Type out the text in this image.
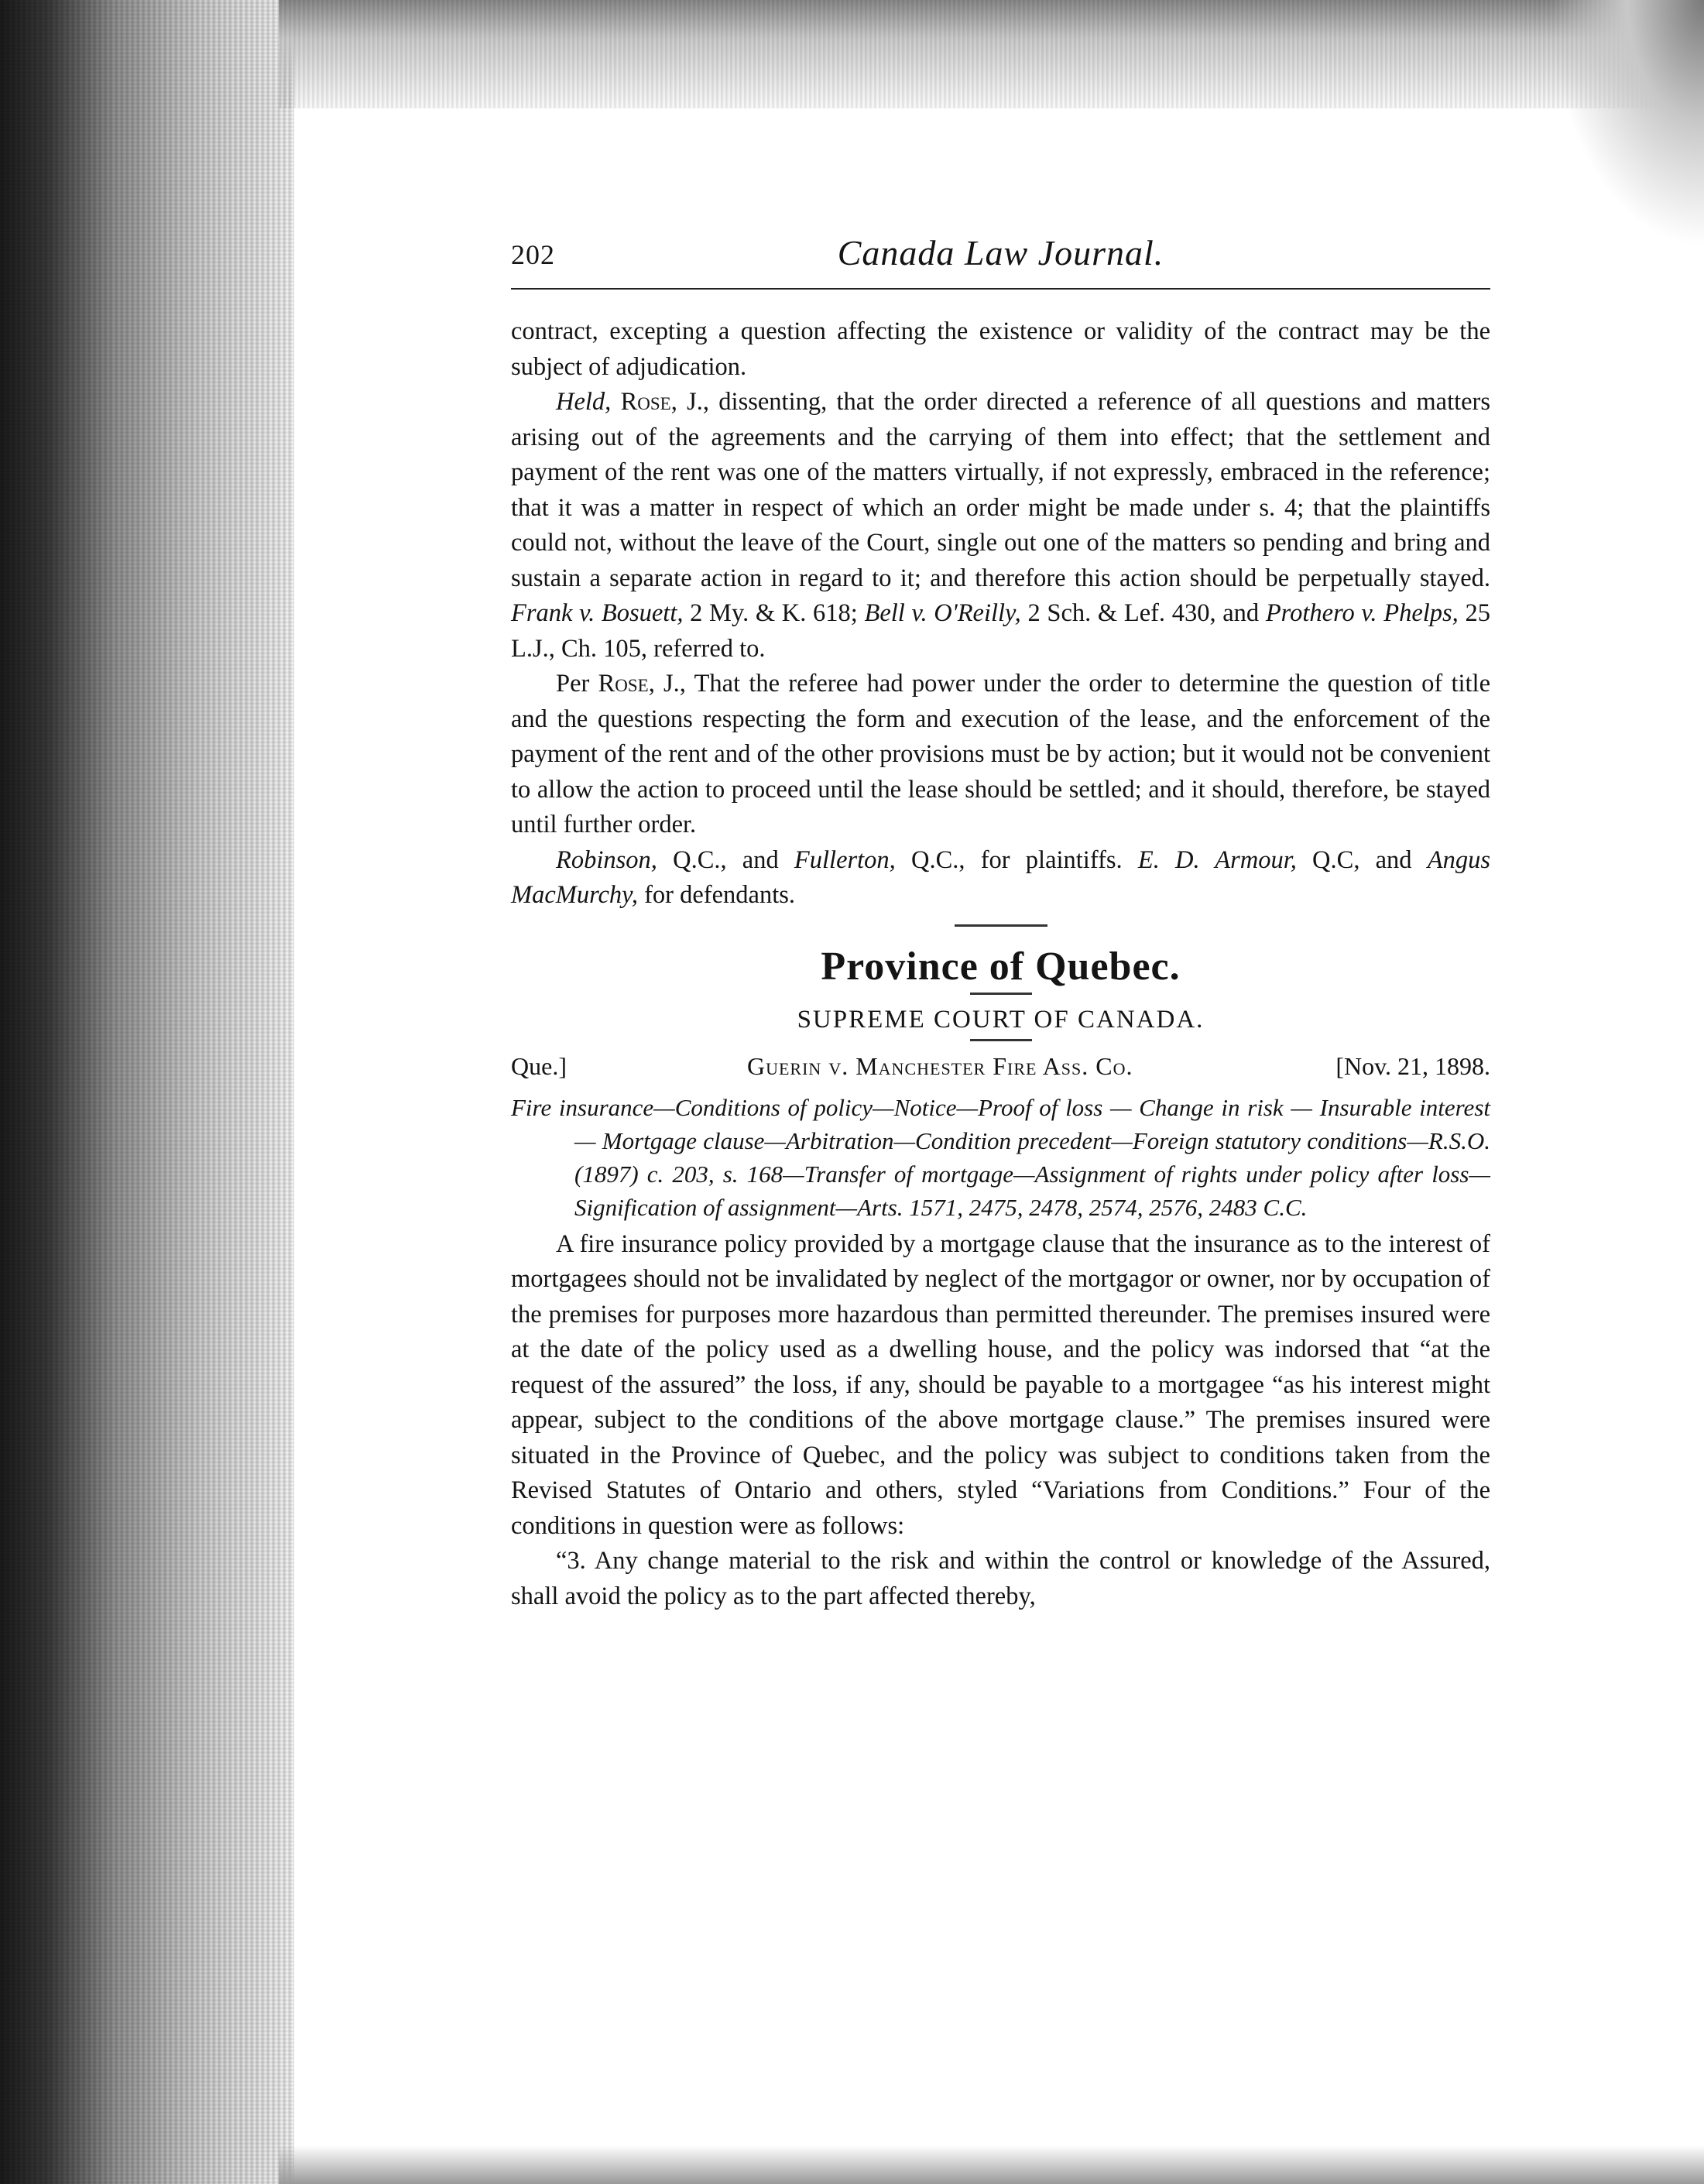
202	Canada Law Journal.

contract, excepting a question affecting the existence or validity of the contract may be the subject of adjudication.

Held, Rose, J., dissenting, that the order directed a reference of all questions and matters arising out of the agreements and the carrying of them into effect; that the settlement and payment of the rent was one of the matters virtually, if not expressly, embraced in the reference; that it was a matter in respect of which an order might be made under s. 4; that the plaintiffs could not, without the leave of the Court, single out one of the matters so pending and bring and sustain a separate action in regard to it; and therefore this action should be perpetually stayed. Frank v. Bosuett, 2 My. & K. 618; Bell v. O'Reilly, 2 Sch. & Lef. 430, and Prothero v. Phelps, 25 L.J., Ch. 105, referred to.

Per Rose, J., That the referee had power under the order to determine the question of title and the questions respecting the form and execution of the lease, and the enforcement of the payment of the rent and of the other provisions must be by action; but it would not be convenient to allow the action to proceed until the lease should be settled; and it should, therefore, be stayed until further order.

Robinson, Q.C., and Fullerton, Q.C., for plaintiffs. E. D. Armour, Q.C, and Angus MacMurchy, for defendants.

Province of Quebec.
SUPREME COURT OF CANADA.
Que.]	Guerin v. Manchester Fire Ass. Co.	[Nov. 21, 1898.
Fire insurance—Conditions of policy—Notice—Proof of loss — Change in risk — Insurable interest — Mortgage clause—Arbitration—Condition precedent—Foreign statutory conditions—R.S.O. (1897) c. 203, s. 168—Transfer of mortgage—Assignment of rights under policy after loss—Signification of assignment—Arts. 1571, 2475, 2478, 2574, 2576, 2483 C.C.

A fire insurance policy provided by a mortgage clause that the insurance as to the interest of mortgagees should not be invalidated by neglect of the mortgagor or owner, nor by occupation of the premises for purposes more hazardous than permitted thereunder. The premises insured were at the date of the policy used as a dwelling house, and the policy was indorsed that “at the request of the assured” the loss, if any, should be payable to a mortgagee “as his interest might appear, subject to the conditions of the above mortgage clause.” The premises insured were situated in the Province of Quebec, and the policy was subject to conditions taken from the Revised Statutes of Ontario and others, styled “Variations from Conditions.” Four of the conditions in question were as follows:

“3. Any change material to the risk and within the control or knowledge of the Assured, shall avoid the policy as to the part affected thereby,
